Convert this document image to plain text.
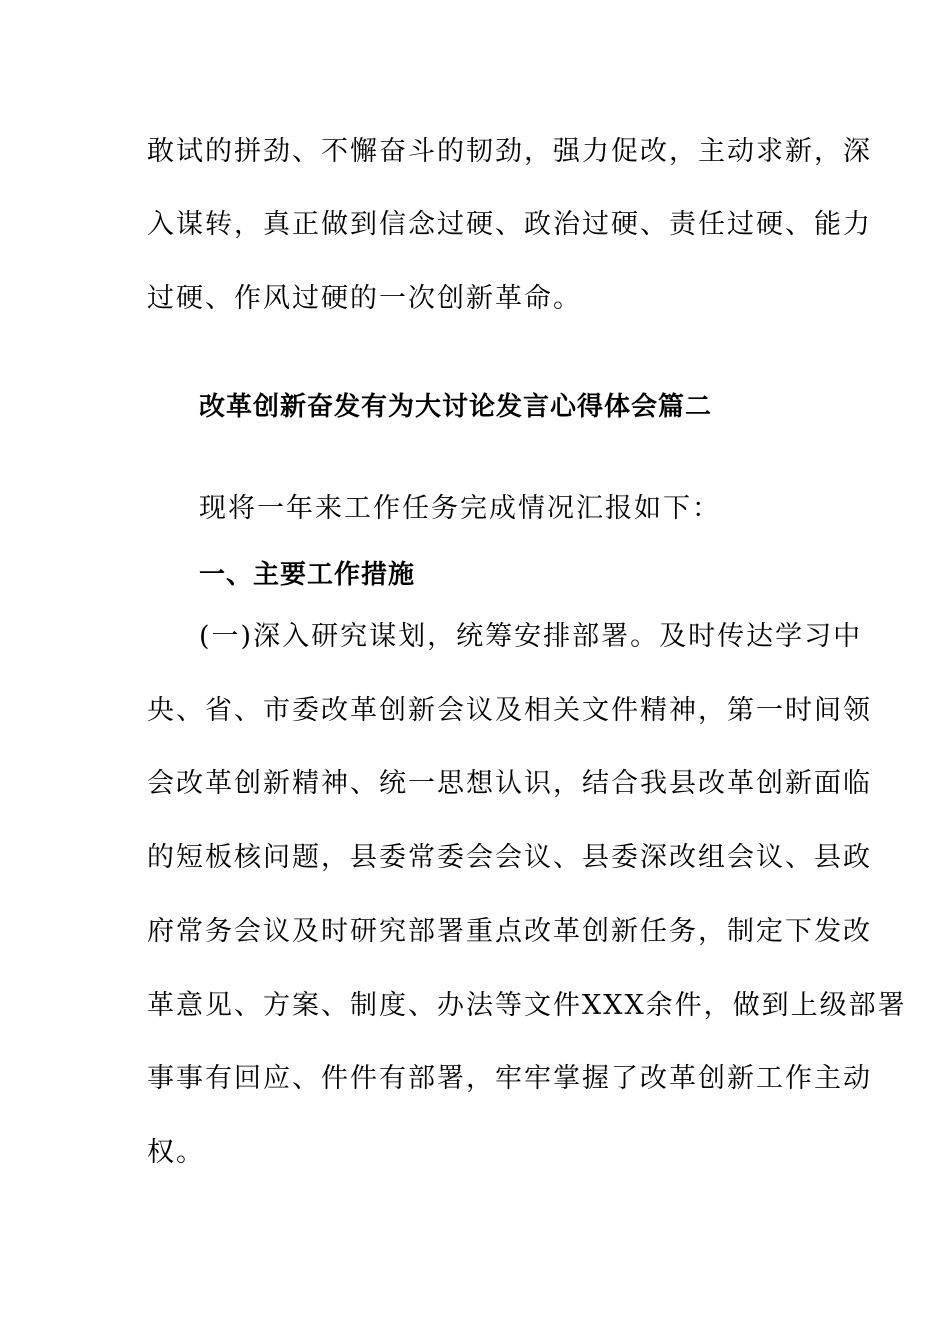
敢试的拼劲、不懈奋斗的韧劲，强力促改，主动求新，深
入谋转，真正做到信念过硬、政治过硬、责任过硬、能力
过硬、作风过硬的一次创新革命。
改革创新奋发有为大讨论发言心得体会篇二
现将一年来工作任务完成情况汇报如下：
一、主要工作措施
(一)深入研究谋划，统筹安排部署。及时传达学习中
央、省、市委改革创新会议及相关文件精神，第一时间领
会改革创新精神、统一思想认识，结合我县改革创新面临
的短板核问题，县委常委会会议、县委深改组会议、县政
府常务会议及时研究部署重点改革创新任务，制定下发改
革意见、方案、制度、办法等文件XXX余件，做到上级部署
事事有回应、件件有部署，牢牢掌握了改革创新工作主动
权。
